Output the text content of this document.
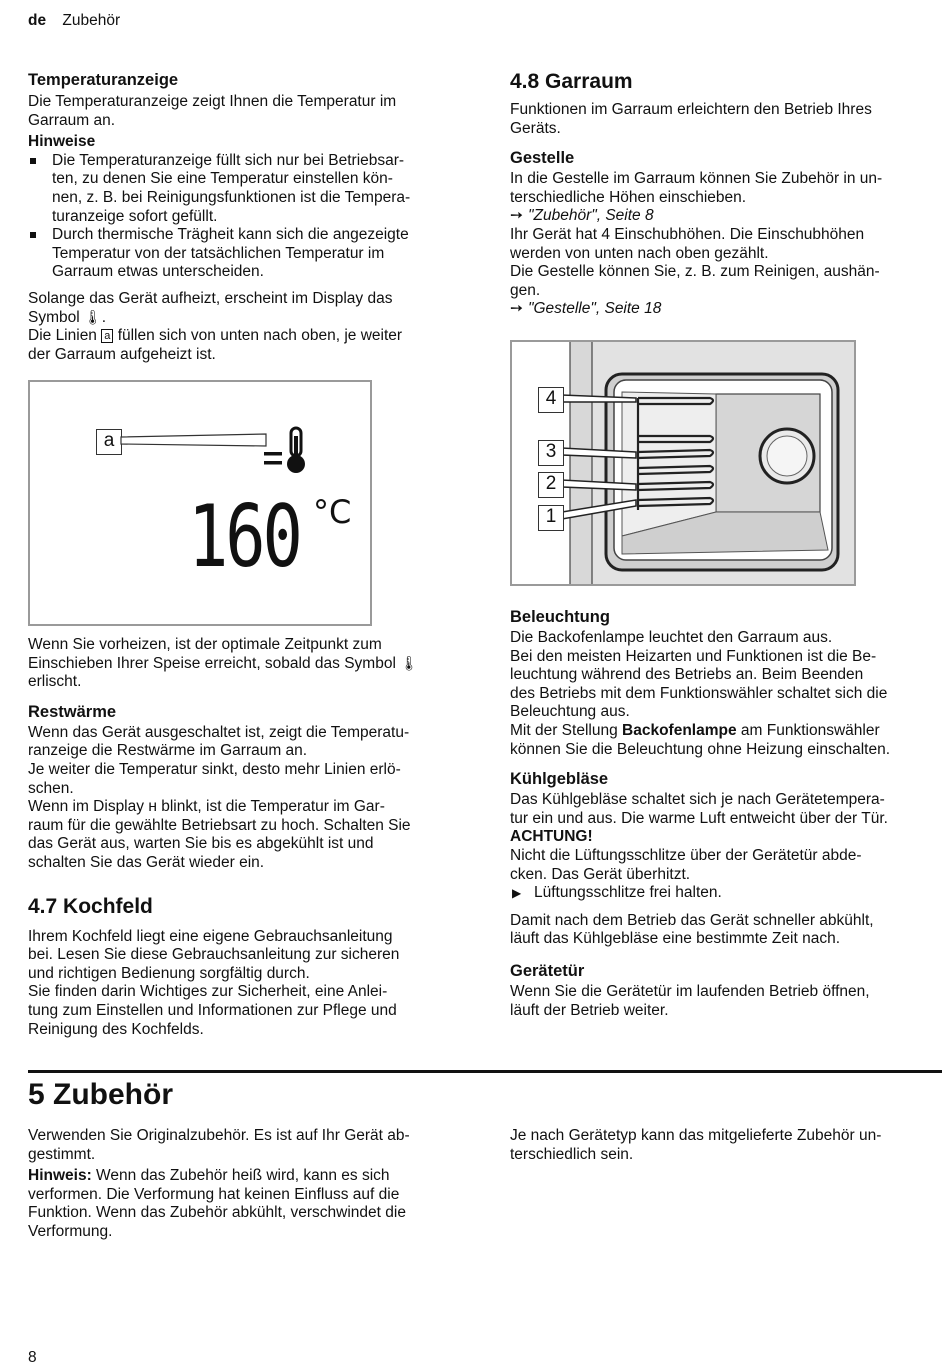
de Zubehör

Temperaturanzeige

Die Temperaturanzeige zeigt Ihnen die Temperatur im
Garraum an.

Hinweise

Die Temperaturanzeige füllt sich nur bei Betriebsar-
ten, zu denen Sie eine Temperatur einstellen kön-
nen, z. B. bei Reinigungsfunktionen ist die Tempera-
turanzeige sofort gefüllt.
Durch thermische Trägheit kann sich die angezeigte
Temperatur von der tatsächlichen Temperatur im
Garraum etwas unterscheiden.

Solange das Gerät aufheizt, erscheint im Display das
Symbol 🌡.
Die Linien a füllen sich von unten nach oben, je weiter
der Garraum aufgeheizt ist.

a
160 °C

Wenn Sie vorheizen, ist der optimale Zeitpunkt zum
Einschieben Ihrer Speise erreicht, sobald das Symbol 🌡
erlischt.

Restwärme

Wenn das Gerät ausgeschaltet ist, zeigt die Temperatu-
ranzeige die Restwärme im Garraum an.
Je weiter die Temperatur sinkt, desto mehr Linien erlö-
schen.
Wenn im Display ʜ blinkt, ist die Temperatur im Gar-
raum für die gewählte Betriebsart zu hoch. Schalten Sie
das Gerät aus, warten Sie bis es abgekühlt ist und
schalten Sie das Gerät wieder ein.

4.7 Kochfeld

Ihrem Kochfeld liegt eine eigene Gebrauchsanleitung
bei. Lesen Sie diese Gebrauchsanleitung zur sicheren
und richtigen Bedienung sorgfältig durch.
Sie finden darin Wichtiges zur Sicherheit, eine Anlei-
tung zum Einstellen und Informationen zur Pflege und
Reinigung des Kochfelds.

4.8 Garraum

Funktionen im Garraum erleichtern den Betrieb Ihres
Geräts.

Gestelle

In die Gestelle im Garraum können Sie Zubehör in un-
terschiedliche Höhen einschieben.

➙ "Zubehör", Seite 8

Ihr Gerät hat 4 Einschubhöhen. Die Einschubhöhen
werden von unten nach oben gezählt.
Die Gestelle können Sie, z. B. zum Reinigen, aushän-
gen.

➙ "Gestelle", Seite 18

4
3
2
1

Beleuchtung

Die Backofenlampe leuchtet den Garraum aus.
Bei den meisten Heizarten und Funktionen ist die Be-
leuchtung während des Betriebs an. Beim Beenden
des Betriebs mit dem Funktionswähler schaltet sich die
Beleuchtung aus.
Mit der Stellung Backofenlampe am Funktionswähler
können Sie die Beleuchtung ohne Heizung einschalten.

Kühlgebläse

Das Kühlgebläse schaltet sich je nach Gerätetempera-
tur ein und aus. Die warme Luft entweicht über der Tür.

ACHTUNG!

Nicht die Lüftungsschlitze über der Gerätetür abde-
cken. Das Gerät überhitzt.

▶ Lüftungsschlitze frei halten.

Damit nach dem Betrieb das Gerät schneller abkühlt,
läuft das Kühlgebläse eine bestimmte Zeit nach.

Gerätetür

Wenn Sie die Gerätetür im laufenden Betrieb öffnen,
läuft der Betrieb weiter.

5 Zubehör

Verwenden Sie Originalzubehör. Es ist auf Ihr Gerät ab-
gestimmt.

Hinweis: Wenn das Zubehör heiß wird, kann es sich
verformen. Die Verformung hat keinen Einfluss auf die
Funktion. Wenn das Zubehör abkühlt, verschwindet die
Verformung.

Je nach Gerätetyp kann das mitgelieferte Zubehör un-
terschiedlich sein.

8
